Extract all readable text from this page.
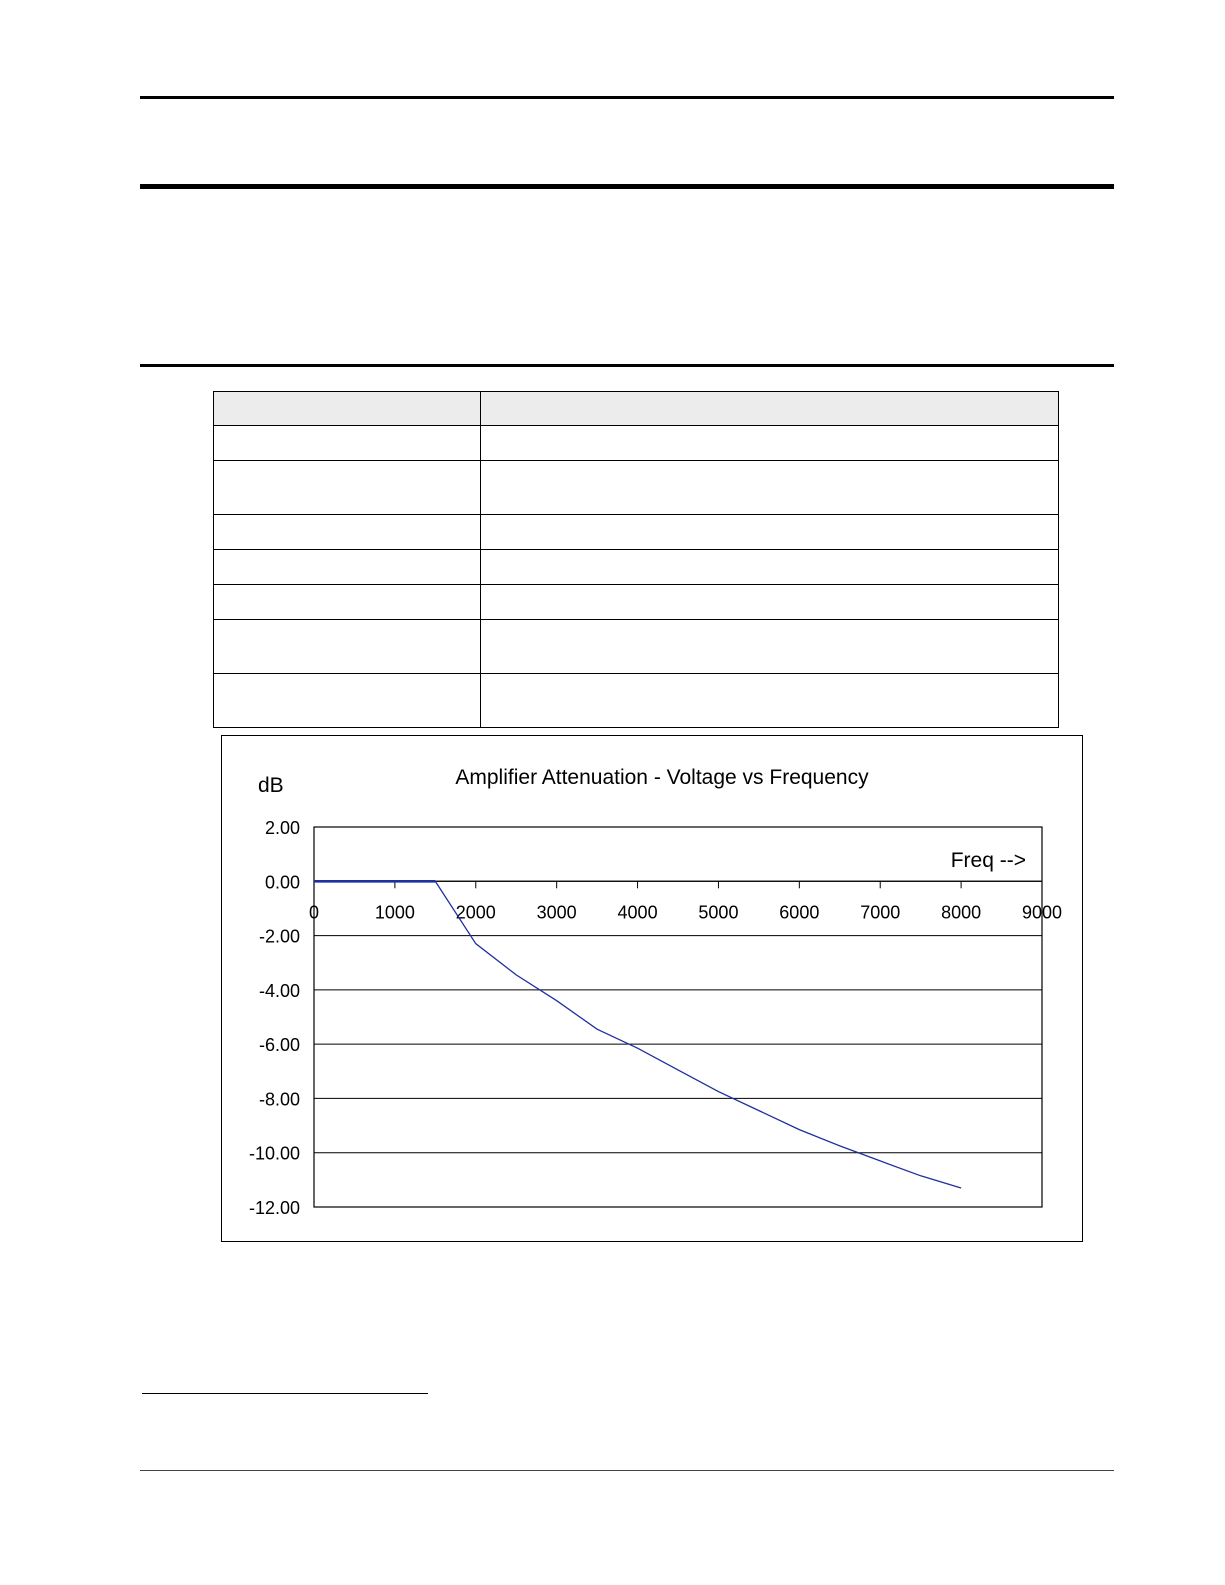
2.00
0.00
-2.00
-4.00
-6.00
-8.00
-10.00
-12.00
0	1000 2000 3000 4000 5000 6000 7000 8000 9000
Amplifier Attenuation - Voltage vs Frequency
dB
Freq -->
